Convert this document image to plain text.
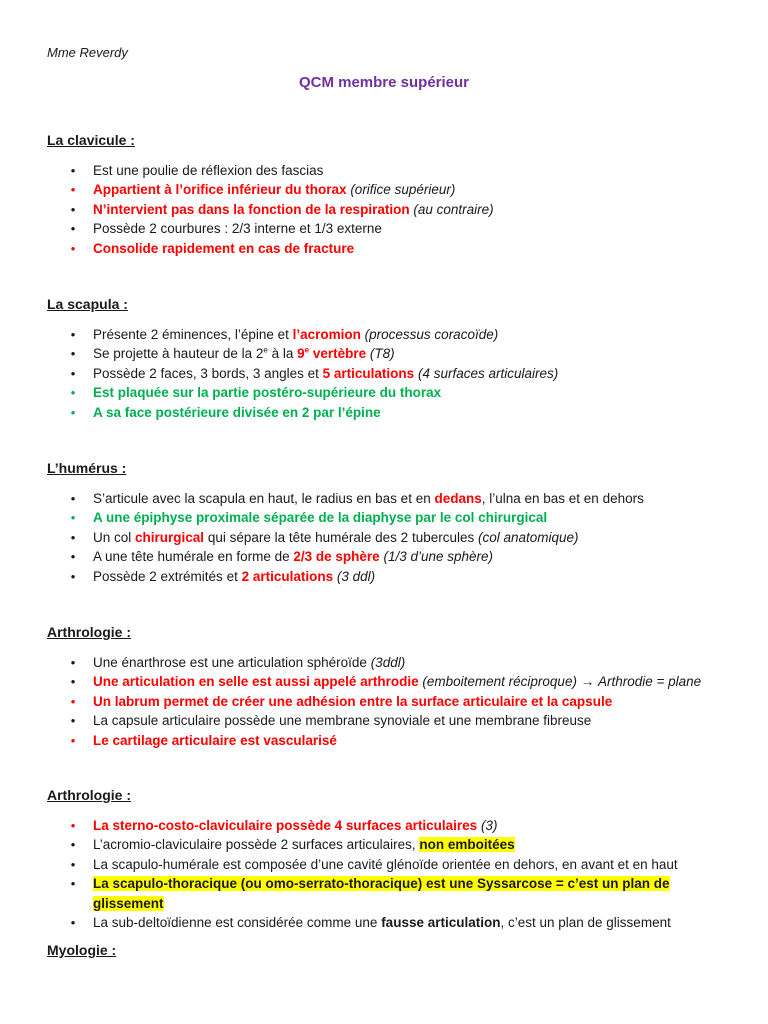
Mme Reverdy
QCM membre supérieur

La clavicule :

•	Est une poulie de réflexion des fascias
•	Appartient à l’orifice inférieur du thorax (orifice supérieur)
•	N’intervient pas dans la fonction de la respiration (au contraire)
•	Possède 2 courbures : 2/3 interne et 1/3 externe
•	Consolide rapidement en cas de fracture

La scapula :

•	Présente 2 éminences, l’épine et l’acromion (processus coracoïde)
•	Se projette à hauteur de la 2e à la 9e vertèbre (T8)
•	Possède 2 faces, 3 bords, 3 angles et 5 articulations (4 surfaces articulaires)
•	Est plaquée sur la partie postéro-supérieure du thorax
•	A sa face postérieure divisée en 2 par l’épine

L’humérus :

•	S’articule avec la scapula en haut, le radius en bas et en dedans, l’ulna en bas et en dehors
•	A une épiphyse proximale séparée de la diaphyse par le col chirurgical
•	Un col chirurgical qui sépare la tête humérale des 2 tubercules (col anatomique)
•	A une tête humérale en forme de 2/3 de sphère (1/3 d’une sphère)
•	Possède 2 extrémités et 2 articulations (3 ddl)

Arthrologie :

•	Une énarthrose est une articulation sphéroïde (3ddl)
•	Une articulation en selle est aussi appelé arthrodie (emboitement réciproque) → Arthrodie = plane
•	Un labrum permet de créer une adhésion entre la surface articulaire et la capsule
•	La capsule articulaire possède une membrane synoviale et une membrane fibreuse
•	Le cartilage articulaire est vascularisé

Arthrologie :

•	La sterno-costo-claviculaire possède 4 surfaces articulaires (3)
•	L’acromio-claviculaire possède 2 surfaces articulaires, non emboitées
•	La scapulo-humérale est composée d’une cavité glénoïde orientée en dehors, en avant et en haut
•	La scapulo-thoracique (ou omo-serrato-thoracique) est une Syssarcose = c’est un plan de glissement
•	La sub-deltoïdienne est considérée comme une fausse articulation, c’est un plan de glissement

Myologie :
